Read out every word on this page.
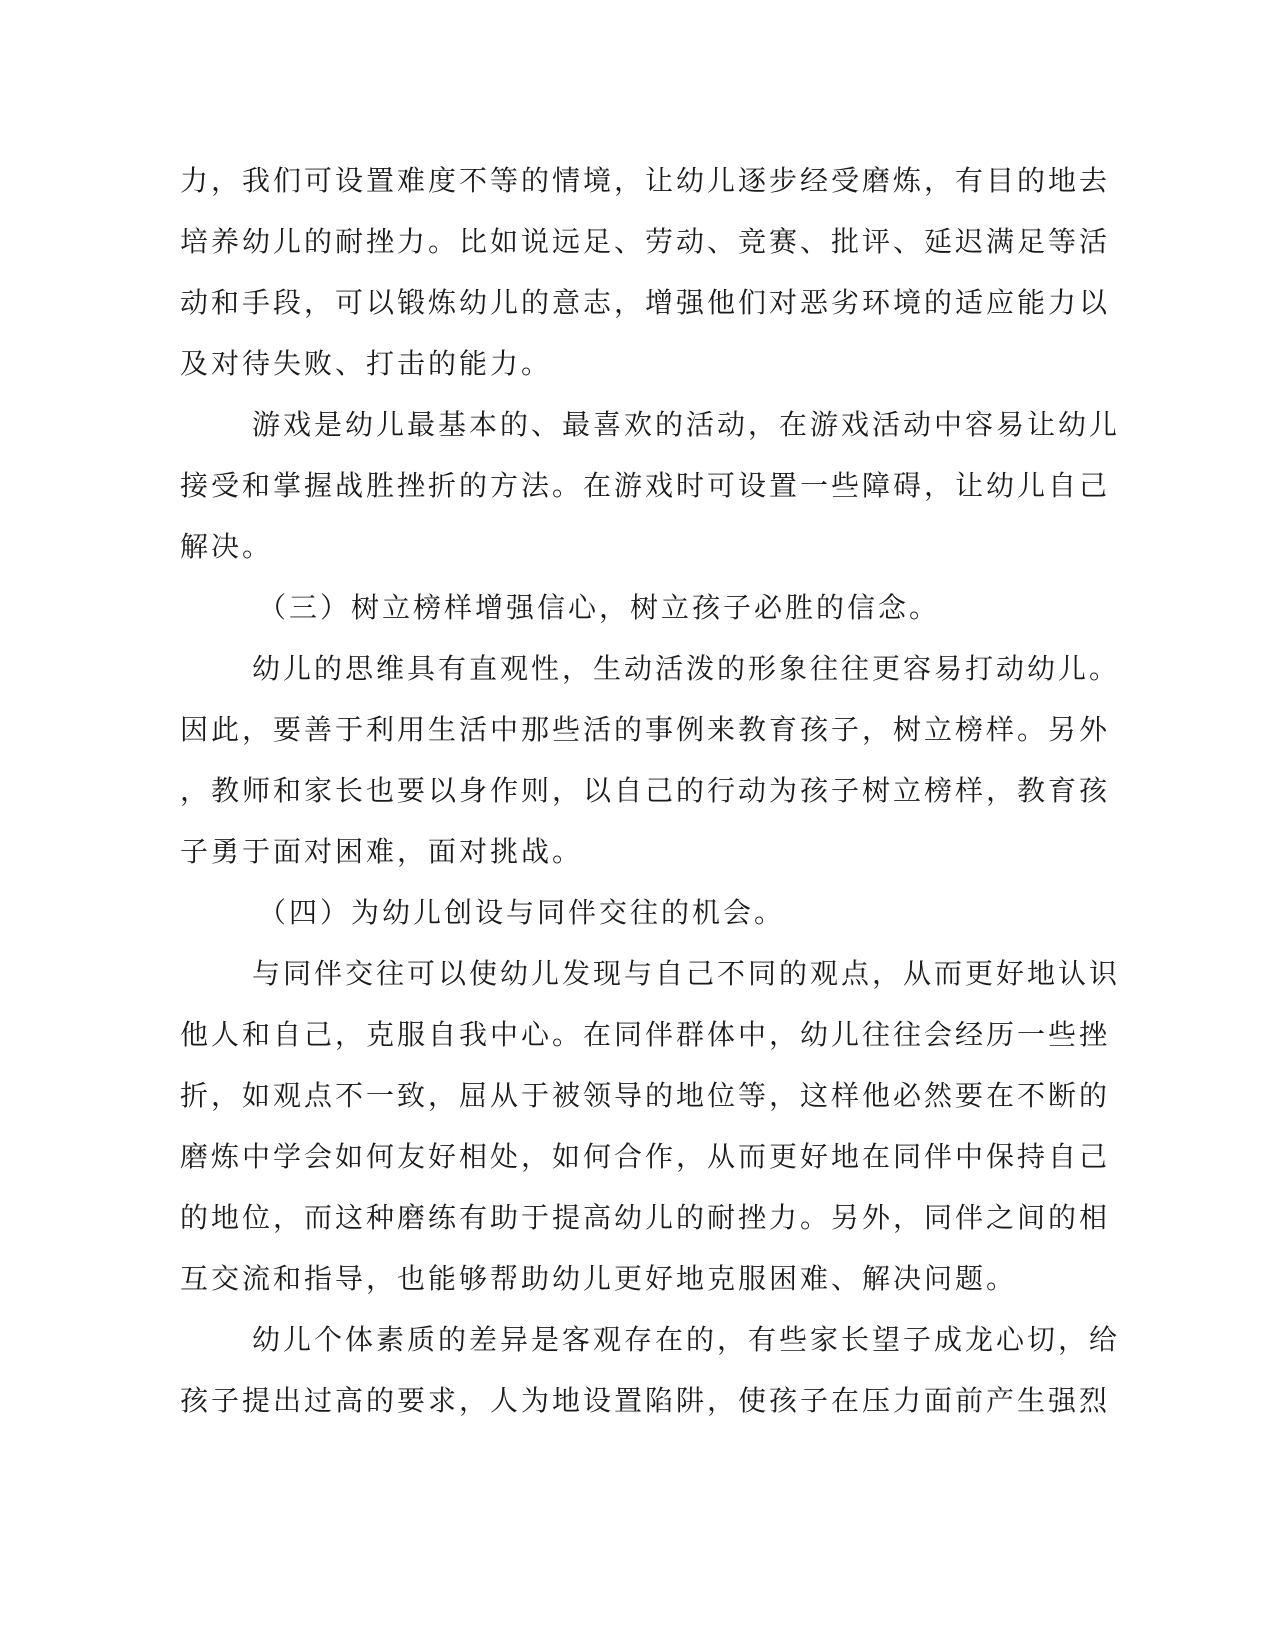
力，我们可设置难度不等的情境，让幼儿逐步经受磨炼，有目的地去
培养幼儿的耐挫力。比如说远足、劳动、竞赛、批评、延迟满足等活
动和手段，可以锻炼幼儿的意志，增强他们对恶劣环境的适应能力以
及对待失败、打击的能力。
游戏是幼儿最基本的、最喜欢的活动，在游戏活动中容易让幼儿
接受和掌握战胜挫折的方法。在游戏时可设置一些障碍，让幼儿自己
解决。
（三）树立榜样增强信心，树立孩子必胜的信念。
幼儿的思维具有直观性，生动活泼的形象往往更容易打动幼儿。
因此，要善于利用生活中那些活的事例来教育孩子，树立榜样。另外
，教师和家长也要以身作则，以自己的行动为孩子树立榜样，教育孩
子勇于面对困难，面对挑战。
（四）为幼儿创设与同伴交往的机会。
与同伴交往可以使幼儿发现与自己不同的观点，从而更好地认识
他人和自己，克服自我中心。在同伴群体中，幼儿往往会经历一些挫
折，如观点不一致，屈从于被领导的地位等，这样他必然要在不断的
磨炼中学会如何友好相处，如何合作，从而更好地在同伴中保持自己
的地位，而这种磨练有助于提高幼儿的耐挫力。另外，同伴之间的相
互交流和指导，也能够帮助幼儿更好地克服困难、解决问题。
幼儿个体素质的差异是客观存在的，有些家长望子成龙心切，给
孩子提出过高的要求，人为地设置陷阱，使孩子在压力面前产生强烈
